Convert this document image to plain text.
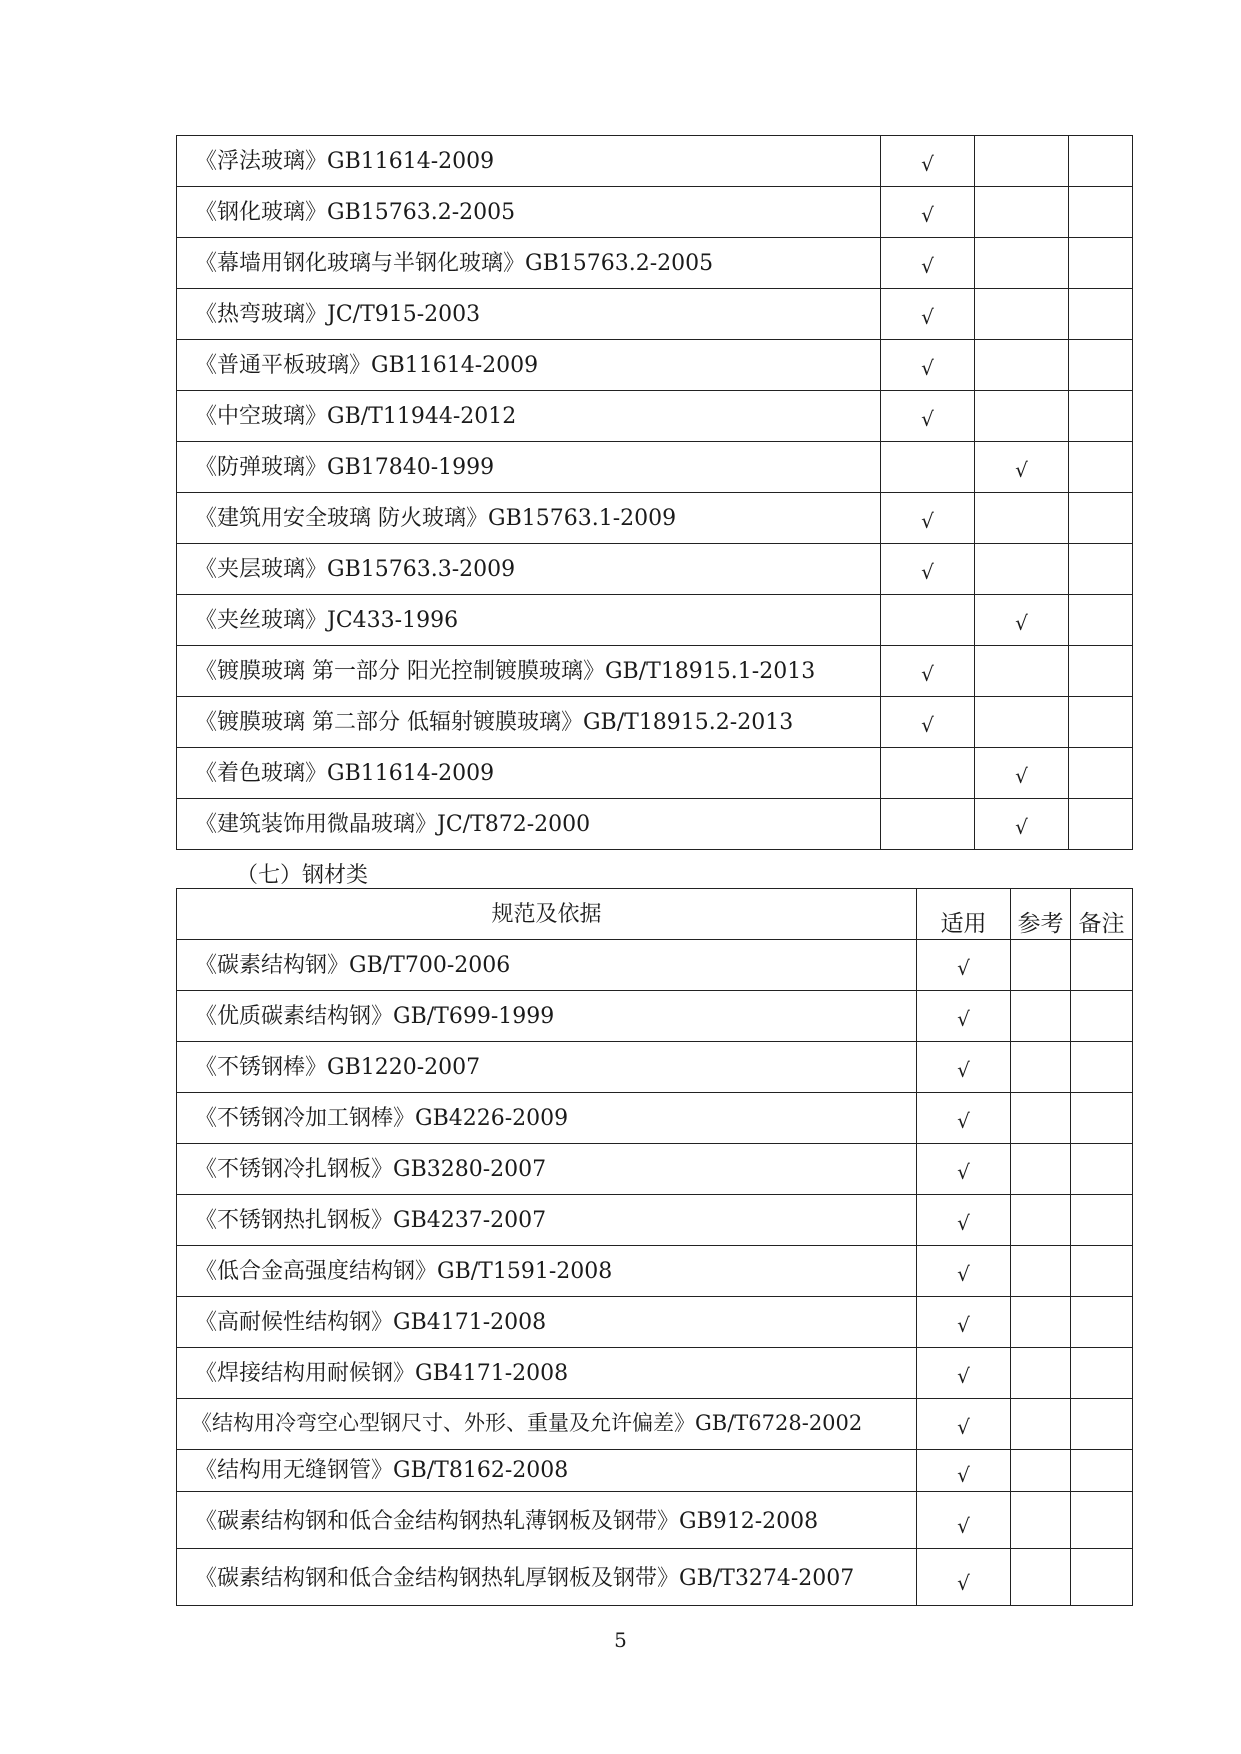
《浮法玻璃》GB11614-2009	√		
《钢化玻璃》GB15763.2-2005	√		
《幕墙用钢化玻璃与半钢化玻璃》GB15763.2-2005	√		
《热弯玻璃》JC/T915-2003	√		
《普通平板玻璃》GB11614-2009	√		
《中空玻璃》GB/T11944-2012	√		
《防弹玻璃》GB17840-1999		√	
《建筑用安全玻璃 防火玻璃》GB15763.1-2009	√		
《夹层玻璃》GB15763.3-2009	√		
《夹丝玻璃》JC433-1996		√	
《镀膜玻璃 第一部分 阳光控制镀膜玻璃》GB/T18915.1-2013	√		
《镀膜玻璃 第二部分 低辐射镀膜玻璃》GB/T18915.2-2013	√		
《着色玻璃》GB11614-2009		√	
《建筑装饰用微晶玻璃》JC/T872-2000		√	
（七）钢材类
规范及依据	适用	参考	备注
《碳素结构钢》GB/T700-2006	√		
《优质碳素结构钢》GB/T699-1999	√		
《不锈钢棒》GB1220-2007	√		
《不锈钢冷加工钢棒》GB4226-2009	√		
《不锈钢冷扎钢板》GB3280-2007	√		
《不锈钢热扎钢板》GB4237-2007	√		
《低合金高强度结构钢》GB/T1591-2008	√		
《高耐候性结构钢》GB4171-2008	√		
《焊接结构用耐候钢》GB4171-2008	√		
《结构用冷弯空心型钢尺寸、外形、重量及允许偏差》GB/T6728-2002	√		
《结构用无缝钢管》GB/T8162-2008	√		
《碳素结构钢和低合金结构钢热轧薄钢板及钢带》GB912-2008	√		
《碳素结构钢和低合金结构钢热轧厚钢板及钢带》GB/T3274-2007	√		
5
